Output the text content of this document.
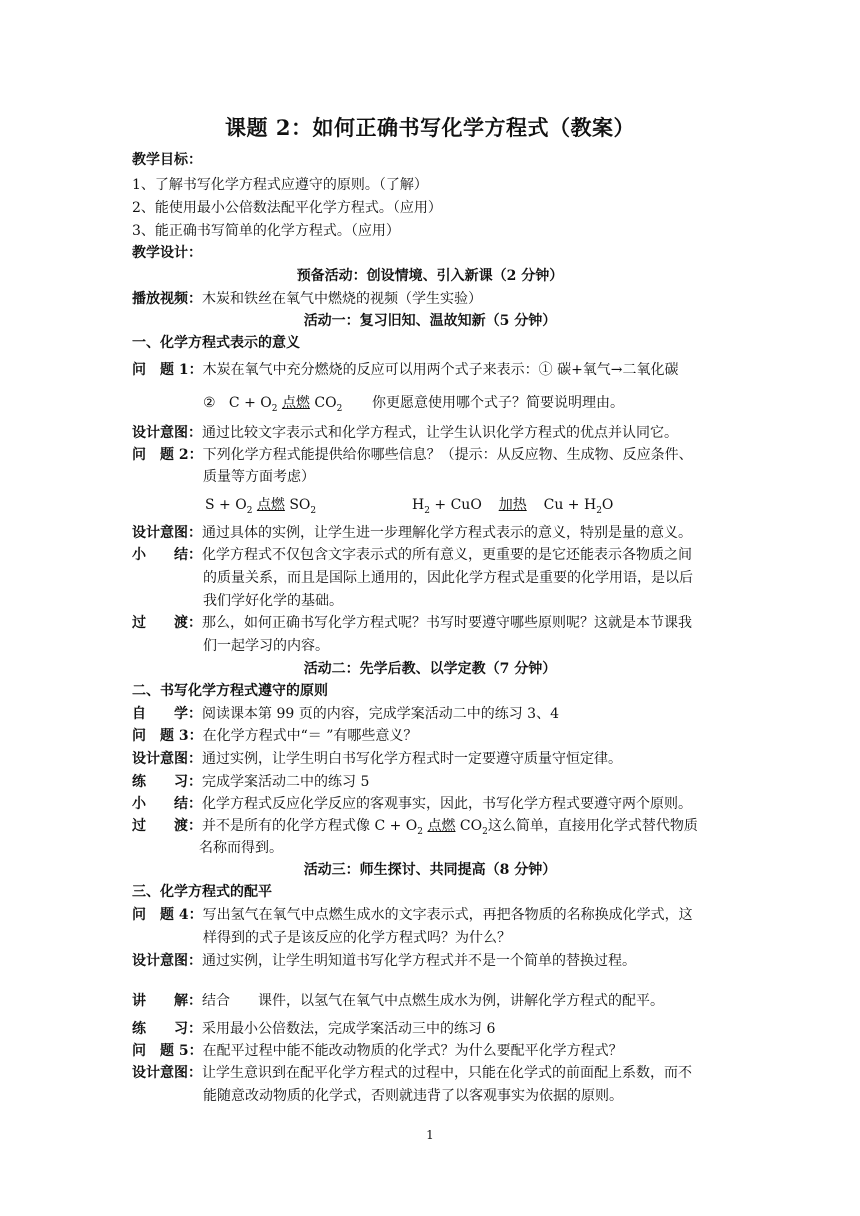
课题 2：如何正确书写化学方程式（教案）
教学目标：
1、了解书写化学方程式应遵守的原则。（了解）
2、能使用最小公倍数法配平化学方程式。（应用）
3、能正确书写简单的化学方程式。（应用）
教学设计：
预备活动：创设情境、引入新课（2 分钟）
播放视频：木炭和铁丝在氧气中燃烧的视频（学生实验）
活动一：复习旧知、温故知新（5 分钟）
一、化学方程式表示的意义
问　题 1：木炭在氧气中充分燃烧的反应可以用两个式子来表示：① 碳+氧气→二氧化碳
② $C + O_2$ 点燃 $CO_2$ 你更愿意使用哪个式子？简要说明理由。
设计意图：通过比较文字表示式和化学方程式，让学生认识化学方程式的优点并认同它。
问　题 2：下列化学方程式能提供给你哪些信息？（提示：从反应物、生成物、反应条件、
质量等方面考虑）
$S + O_2$ 点燃 $SO_2$	$H_2$ + CuO 加热 $Cu + H_2O$
设计意图：通过具体的实例，让学生进一步理解化学方程式表示的意义，特别是量的意义。
小　　结：化学方程式不仅包含文字表示式的所有意义，更重要的是它还能表示各物质之间
的质量关系，而且是国际上通用的，因此化学方程式是重要的化学用语，是以后
我们学好化学的基础。
过　　渡：那么，如何正确书写化学方程式呢？书写时要遵守哪些原则呢？这就是本节课我
们一起学习的内容。
活动二：先学后教、以学定教（7 分钟）
二、书写化学方程式遵守的原则
自　　学：阅读课本第 99 页的内容，完成学案活动二中的练习 3、4
问　题 3：在化学方程式中“＝ ”有哪些意义？
设计意图：通过实例，让学生明白书写化学方程式时一定要遵守质量守恒定律。
练　　习：完成学案活动二中的练习 5
小　　结：化学方程式反应化学反应的客观事实，因此，书写化学方程式要遵守两个原则。
过　　渡：并不是所有的化学方程式像 $C + O_2$ 点燃 $CO_2$这么简单，直接用化学式替代物质
名称而得到。
活动三：师生探讨、共同提高（8 分钟）
三、化学方程式的配平
问　题 4：写出氢气在氧气中点燃生成水的文字表示式，再把各物质的名称换成化学式，这
样得到的式子是该反应的化学方程式吗？为什么？
设计意图：通过实例，让学生明知道书写化学方程式并不是一个简单的替换过程。
讲　　解：结合　　课件，以氢气在氧气中点燃生成水为例，讲解化学方程式的配平。
练　　习：采用最小公倍数法，完成学案活动三中的练习 6
问　题 5：在配平过程中能不能改动物质的化学式？为什么要配平化学方程式？
设计意图：让学生意识到在配平化学方程式的过程中，只能在化学式的前面配上系数，而不
能随意改动物质的化学式，否则就违背了以客观事实为依据的原则。
1
